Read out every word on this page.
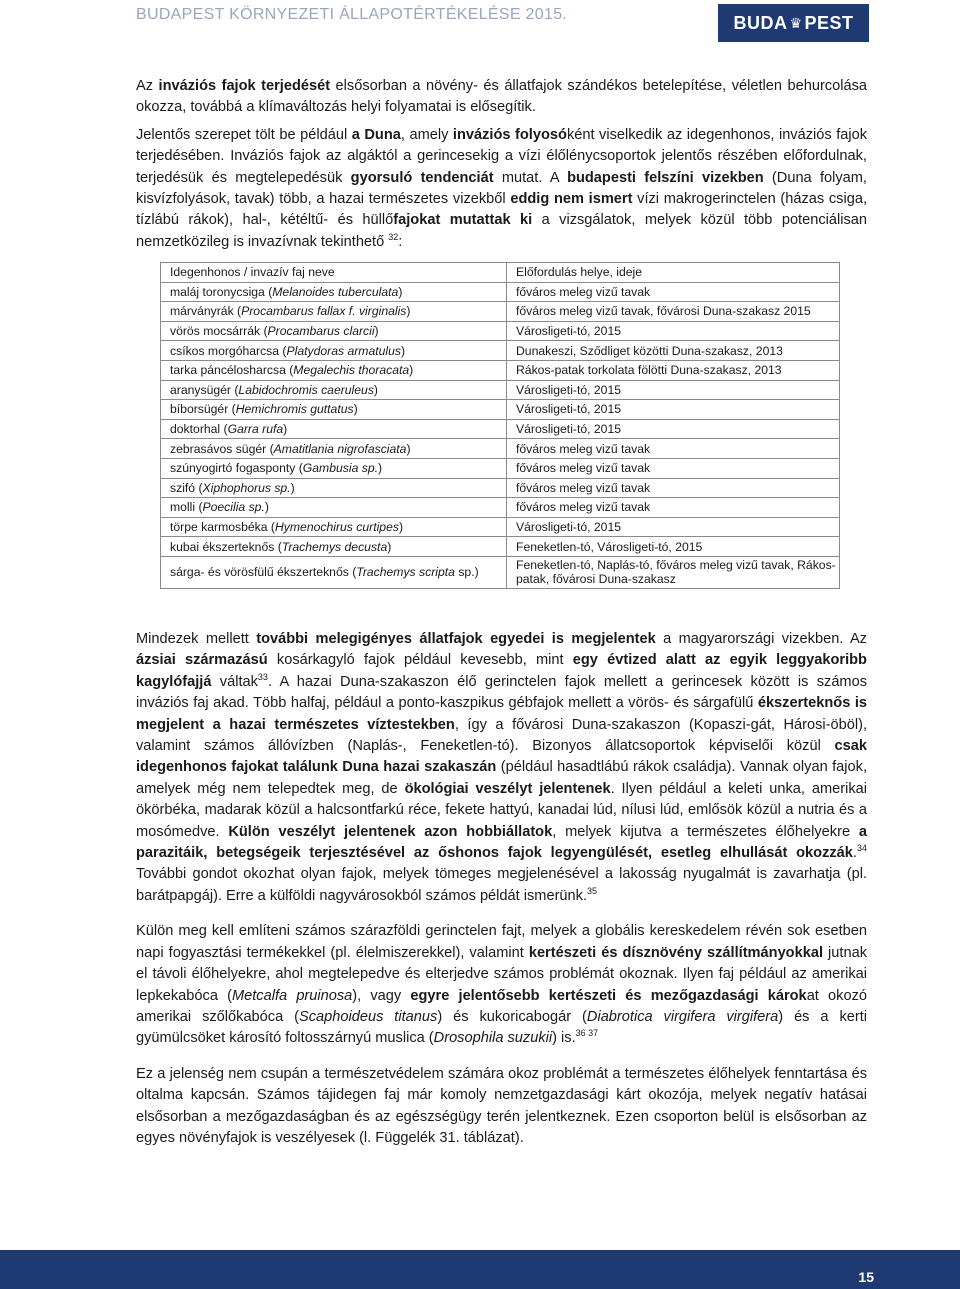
BUDAPEST KÖRNYEZETI ÁLLAPOTÉRTÉKELÉSE 2015.	BUDA ♛ PEST

Az inváziós fajok terjedését elsősorban a növény- és állatfajok szándékos betelepítése, véletlen behurcolása okozza, továbbá a klímaváltozás helyi folyamatai is elősegítik.

Jelentős szerepet tölt be például a Duna, amely inváziós folyosóként viselkedik az idegenhonos, inváziós fajok terjedésében. Inváziós fajok az algáktól a gerincesekig a vízi élőlénycsoportok jelentős részében előfordulnak, terjedésük és megtelepedésük gyorsuló tendenciát mutat. A budapesti felszíni vizekben (Duna folyam, kisvízfolyások, tavak) több, a hazai természetes vizekből eddig nem ismert vízi makrogerinctelen (házas csiga, tízlábú rákok), hal-, kétéltű- és hüllőfajokat mutattak ki a vizsgálatok, melyek közül több potenciálisan nemzetközileg is invazívnak tekinthető $^{32}$:

Idegenhonos / invazív faj neve	Előfordulás helye, ideje
maláj toronycsiga (Melanoides tuberculata)	főváros meleg vizű tavak
márványrák (Procambarus fallax f. virginalis)	főváros meleg vizű tavak, fővárosi Duna-szakasz 2015
vörös mocsárrák (Procambarus clarcii)	Városligeti-tó, 2015
csíkos morgóharcsa (Platydoras armatulus)	Dunakeszi, Sződliget közötti Duna-szakasz, 2013
tarka páncélosharcsa (Megalechis thoracata)	Rákos-patak torkolata fölötti Duna-szakasz, 2013
aranysügér (Labidochromis caeruleus)	Városligeti-tó, 2015
bíborsügér (Hemichromis guttatus)	Városligeti-tó, 2015
doktorhal (Garra rufa)	Városligeti-tó, 2015
zebrasávos sügér (Amatitlania nigrofasciata)	főváros meleg vizű tavak
szúnyogirtó fogasponty (Gambusia sp.)	főváros meleg vizű tavak
szifó (Xiphophorus sp.)	főváros meleg vizű tavak
molli (Poecilia sp.)	főváros meleg vizű tavak
törpe karmosbéka (Hymenochirus curtipes)	Városligeti-tó, 2015
kubai ékszerteknős (Trachemys decusta)	Feneketlen-tó, Városligeti-tó, 2015
sárga- és vörösfülű ékszerteknős (Trachemys scripta sp.)	Feneketlen-tó, Naplás-tó, főváros meleg vizű tavak, Rákos-patak, fővárosi Duna-szakasz

Mindezek mellett további melegigényes állatfajok egyedei is megjelentek a magyarországi vizekben. Az ázsiai származású kosárkagyló fajok például kevesebb, mint egy évtized alatt az egyik leggyakoribb kagylófajjá váltak$^{33}$. A hazai Duna-szakaszon élő gerinctelen fajok mellett a gerincesek között is számos inváziós faj akad. Több halfaj, például a ponto-kaszpikus gébfajok mellett a vörös- és sárgafülű ékszerteknős is megjelent a hazai természetes víztestekben, így a fővárosi Duna-szakaszon (Kopaszi-gát, Hárosi-öböl), valamint számos állóvízben (Naplás-, Feneketlen-tó). Bizonyos állatcsoportok képviselői közül csak idegenhonos fajokat találunk Duna hazai szakaszán (például hasadtlábú rákok családja). Vannak olyan fajok, amelyek még nem telepedtek meg, de ökológiai veszélyt jelentenek. Ilyen például a keleti unka, amerikai ökörbéka, madarak közül a halcsontfarkú réce, fekete hattyú, kanadai lúd, nílusi lúd, emlősök közül a nutria és a mosómedve. Külön veszélyt jelentenek azon hobbiállatok, melyek kijutva a természetes élőhelyekre a parazitáik, betegségeik terjesztésével az őshonos fajok legyengülését, esetleg elhullását okozzák.$^{34}$ További gondot okozhat olyan fajok, melyek tömeges megjelenésével a lakosság nyugalmát is zavarhatja (pl. barátpapgáj). Erre a külföldi nagyvárosokból számos példát ismerünk.$^{35}$

Külön meg kell említeni számos szárazföldi gerinctelen fajt, melyek a globális kereskedelem révén sok esetben napi fogyasztási termékekkel (pl. élelmiszerekkel), valamint kertészeti és dísznövény szállítmányokkal jutnak el távoli élőhelyekre, ahol megtelepedve és elterjedve számos problémát okoznak. Ilyen faj például az amerikai lepkekabóca (Metcalfa pruinosa), vagy egyre jelentősebb kertészeti és mezőgazdasági károkat okozó amerikai szőlőkabóca (Scaphoideus titanus) és kukoricabogár (Diabrotica virgifera virgifera) és a kerti gyümülcsöket károsító foltosszárnyú muslica (Drosophila suzukii) is.$^{36 37}$

Ez a jelenség nem csupán a természetvédelem számára okoz problémát a természetes élőhelyek fenntartása és oltalma kapcsán. Számos tájidegen faj már komoly nemzetgazdasági kárt okozója, melyek negatív hatásai elsősorban a mezőgazdaságban és az egészségügy terén jelentkeznek. Ezen csoporton belül is elsősorban az egyes növényfajok is veszélyesek (l. Függelék 31. táblázat).

15
